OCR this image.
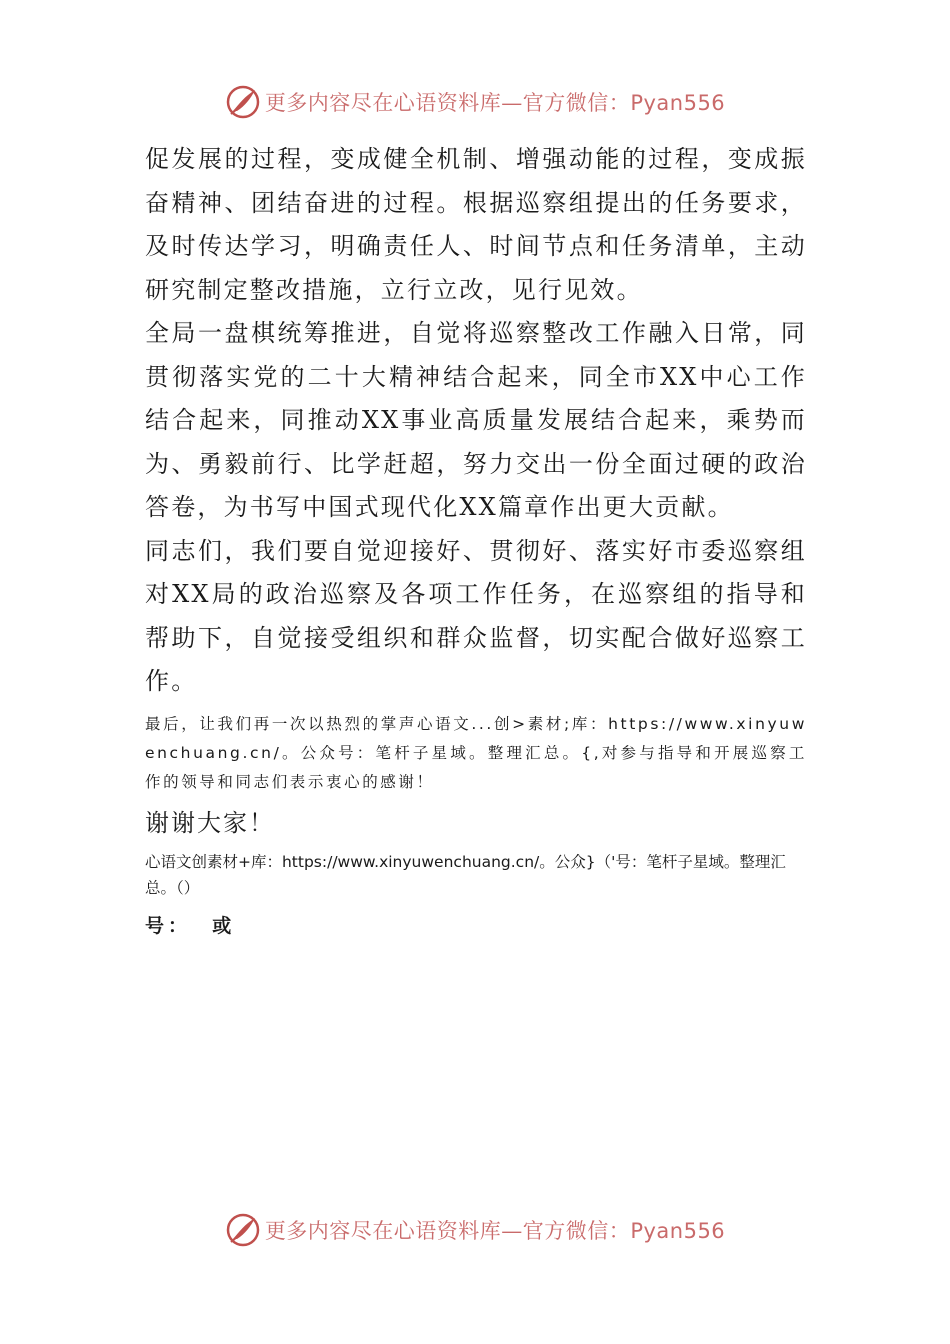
更多内容尽在心语资料库—官方微信：Pyan556

促发展的过程，变成健全机制、增强动能的过程，变成振奋精神、团结奋进的过程。根据巡察组提出的任务要求，及时传达学习，明确责任人、时间节点和任务清单，主动研究制定整改措施，立行立改，见行见效。

全局一盘棋统筹推进，自觉将巡察整改工作融入日常，同贯彻落实党的二十大精神结合起来，同全市XX中心工作结合起来，同推动XX事业高质量发展结合起来，乘势而为、勇毅前行、比学赶超，努力交出一份全面过硬的政治答卷，为书写中国式现代化XX篇章作出更大贡献。

同志们，我们要自觉迎接好、贯彻好、落实好市委巡察组对XX局的政治巡察及各项工作任务，在巡察组的指导和帮助下，自觉接受组织和群众监督，切实配合做好巡察工作。

最后，让我们再一次以热烈的掌声心语文...创>素材;库：https://www.xinyuwenchuang.cn/。公众号：笔杆子星域。整理汇总。{,对参与指导和开展巡察工作的领导和同志们表示衷心的感谢！

谢谢大家！

心语文创素材+库：https://www.xinyuwenchuang.cn/。公众}（'号：笔杆子星域。整理汇总。（）

号：  或

更多内容尽在心语资料库—官方微信：Pyan556
